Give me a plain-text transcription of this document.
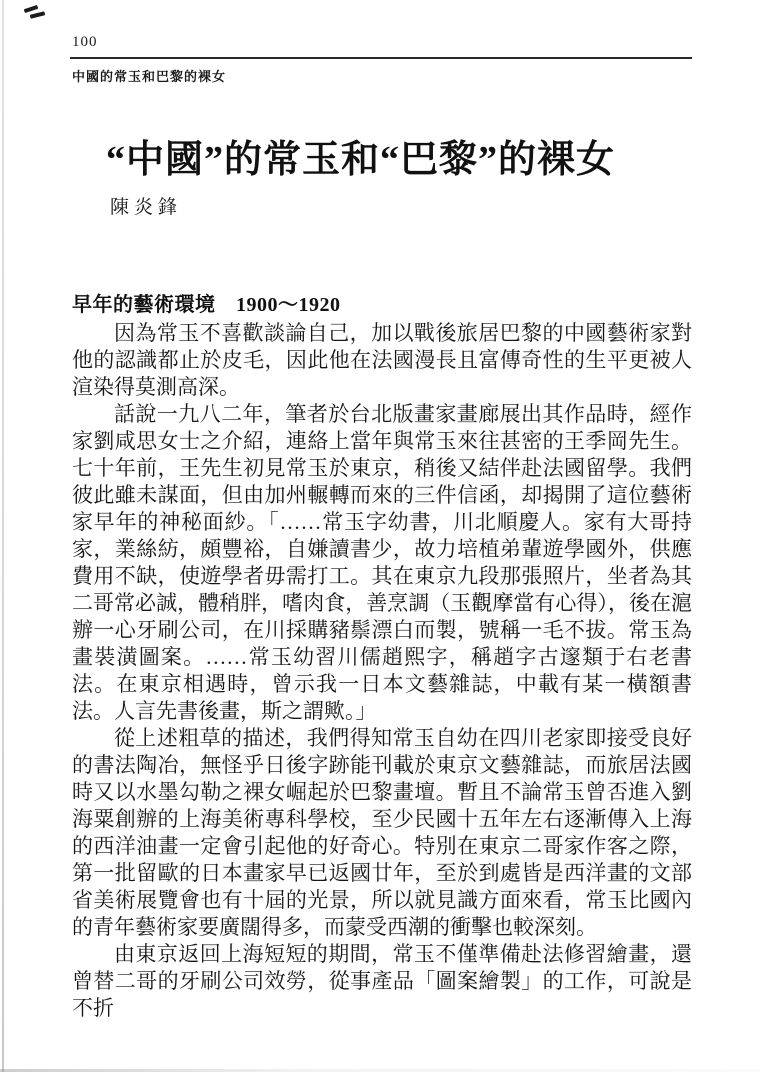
100
中國的常玉和巴黎的裸女
“中國”的常玉和“巴黎”的裸女
陳炎鋒
早年的藝術環境　1900～1920

因為常玉不喜歡談論自己，加以戰後旅居巴黎的中國藝術家對他的認識都止於皮毛，因此他在法國漫長且富傳奇性的生平更被人渲染得莫測高深。

話說一九八二年，筆者於台北版畫家畫廊展出其作品時，經作家劉咸思女士之介紹，連絡上當年與常玉來往甚密的王季岡先生。七十年前，王先生初見常玉於東京，稍後又結伴赴法國留學。我們彼此雖未謀面，但由加州輾轉而來的三件信函，却揭開了這位藝術家早年的神秘面紗。「……常玉字幼書，川北順慶人。家有大哥持家，業絲紡，頗豐裕，自嫌讀書少，故力培植弟輩遊學國外，供應費用不缺，使遊學者毋需打工。其在東京九段那張照片，坐者為其二哥常必誠，體稍胖，嗜肉食，善烹調（玉觀摩當有心得），後在滬辦一心牙刷公司，在川採購豬鬃漂白而製，號稱一毛不拔。常玉為畫裝潢圖案。……常玉幼習川儒趙熙字，稱趙字古邃類于右老書法。在東京相遇時，曾示我一日本文藝雜誌，中載有某一橫額書法。人言先書後畫，斯之謂歟。」

從上述粗草的描述，我們得知常玉自幼在四川老家即接受良好的書法陶冶，無怪乎日後字跡能刊載於東京文藝雜誌，而旅居法國時又以水墨勾勒之裸女崛起於巴黎畫壇。暫且不論常玉曾否進入劉海粟創辦的上海美術專科學校，至少民國十五年左右逐漸傳入上海的西洋油畫一定會引起他的好奇心。特別在東京二哥家作客之際，第一批留歐的日本畫家早已返國廿年，至於到處皆是西洋畫的文部省美術展覽會也有十屆的光景，所以就見識方面來看，常玉比國內的青年藝術家要廣闊得多，而蒙受西潮的衝擊也較深刻。

由東京返回上海短短的期間，常玉不僅準備赴法修習繪畫，還曾替二哥的牙刷公司效勞，從事產品「圖案繪製」的工作，可說是不折
